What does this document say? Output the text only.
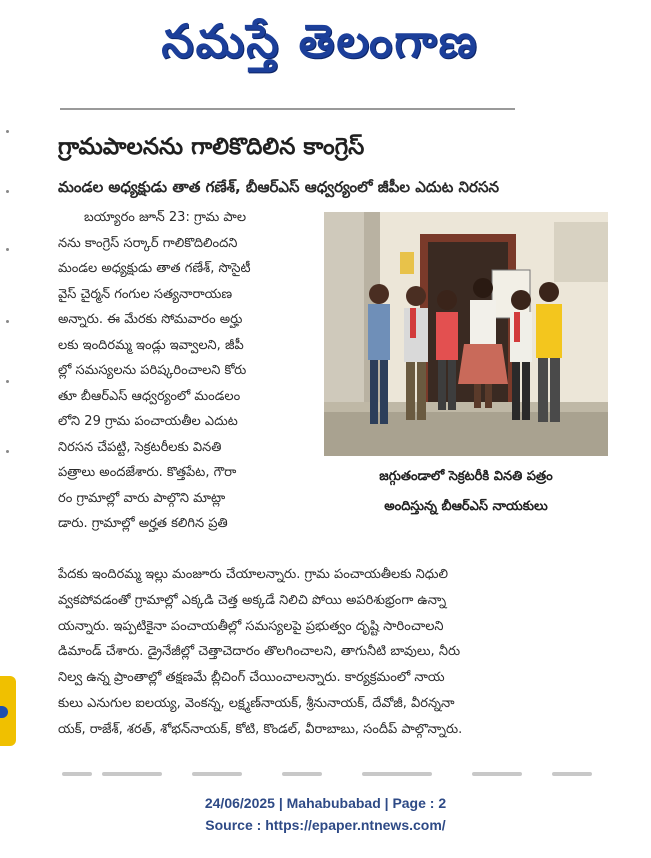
నమస్తే తెలంగాణ
గ్రామపాలనను గాలికొదిలిన కాంగ్రెస్
మండల అధ్యక్షుడు తాత గణేశ్‌, బీఆర్‌ఎస్‌ ఆధ్వర్యంలో జీపీల ఎదుట నిరసన
బయ్యారం జూన్‌ 23: గ్రామ పాల
నను కాంగ్రెస్‌ సర్కార్‌ గాలికొదిలిందని
మండల అధ్యక్షుడు తాత గణేశ్‌, సొసైటీ
వైస్‌ చైర్మన్‌ గంగుల సత్యనారాయణ
అన్నారు. ఈ మేరకు సోమవారం అర్హు
లకు ఇందిరమ్మ ఇండ్లు ఇవ్వాలని, జీపీ
ల్లో సమస్యలను పరిష్కరించాలని కోరు
తూ బీఆర్‌ఎస్‌ ఆధ్వర్యంలో మండలం
లోని 29 గ్రామ పంచాయతీల ఎదుట
నిరసన చేపట్టి, సెక్రటరీలకు వినతి
పత్రాలు అందజేశారు. కొత్తపేట, గౌరా
రం గ్రామాల్లో వారు పాల్గొని మాట్లా
డారు. గ్రామాల్లో అర్హత కలిగిన ప్రతి
జగ్గుతండాలో సెక్రటరీకి వినతి పత్రం
అందిస్తున్న బీఆర్‌ఎస్‌ నాయకులు
పేదకు ఇందిరమ్మ ఇల్లు మంజూరు చేయాలన్నారు. గ్రామ పంచాయతీలకు నిధులి
వ్వకపోవడంతో గ్రామాల్లో ఎక్కడి చెత్త అక్కడే నిలిచి పోయి అపరిశుభ్రంగా ఉన్నా
యన్నారు. ఇప్పటికైనా పంచాయతీల్లో సమస్యలపై ప్రభుత్వం దృష్టి సారించాలని
డిమాండ్‌ చేశారు. డ్రైనేజీల్లో చెత్తాచెదారం తొలగించాలని, తాగునీటి బావులు, నీరు
నిల్వ ఉన్న ప్రాంతాల్లో తక్షణమే బ్లీచింగ్‌ చేయించాలన్నారు. కార్యక్రమంలో నాయ
కులు ఎనుగుల ఐలయ్య, వెంకన్న, లక్ష్మణ్‌నాయక్‌, శ్రీనునాయక్‌, దేవోజీ, వీరన్ననా
యక్‌, రాజేశ్‌, శరత్‌, శోభన్‌నాయక్‌, కోటి, కొండల్‌, వీరాబాబు, సందీప్‌ పాల్గొన్నారు.
24/06/2025 | Mahabubabad | Page : 2
Source : https://epaper.ntnews.com/
